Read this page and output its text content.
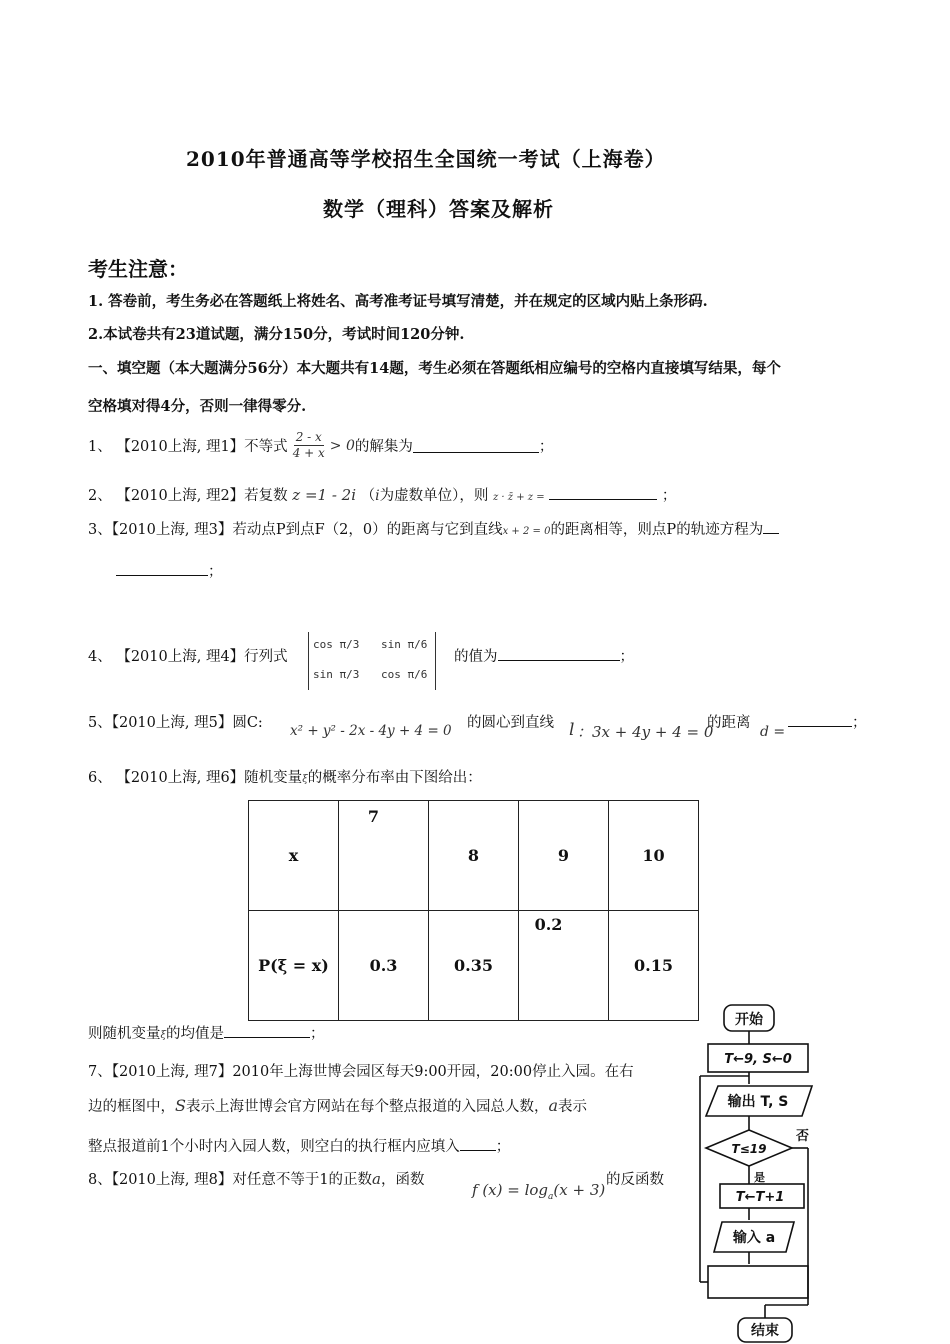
2010年普通高等学校招生全国统一考试（上海卷）
数学（理科）答案及解析
考生注意：
1. 答卷前，考生务必在答题纸上将姓名、高考准考证号填写清楚，并在规定的区域内贴上条形码.
2.本试卷共有23道试题，满分150分，考试时间120分钟.
一、填空题（本大题满分56分）本大题共有14题，考生必须在答题纸相应编号的空格内直接填写结果，每个
空格填对得4分，否则一律得零分.
1、 【2010上海, 理1】不等式 $\frac{2 - x}{4 + x} > 0$ 的解集为	；
2、 【2010上海, 理2】若复数 z =1 - 2i （i为虚数单位），则 z · z̄ + z =	；
3、【2010上海, 理3】若动点P到点F（2，0）的距离与它到直线x + 2 = 0的距离相等，则点P的轨迹方程为
；
4、 【2010上海, 理4】行列式
cos π/3 sin π/6
sin π/3 cos π/6
的值为	；
5、【2010上海, 理5】圆C: x² + y² - 2x - 4y + 4 = 0 的圆心到直线 l ：3x + 4y + 4 = 0
的距离
d =
；
6、 【2010上海, 理6】随机变量ξ的概率分布率由下图给出：
x	7	8	9	10
P(ξ = x)	0.3	0.35	0.2	0.15
则随机变量ξ的均值是	；
7、【2010上海, 理7】2010年上海世博会园区每天9:00开园，20:00停止入园。在右
边的框图中，S表示上海世博会官方网站在每个整点报道的入园总人数，a表示
整点报道前1个小时内入园人数，则空白的执行框内应填入 ；
8、【2010上海, 理8】对任意不等于1的正数a，函数
f $(x) = \log_a(x + 3)$
的反函数
开始
T←9, S←0
输出 T, S
T≤19
否
是
T←T+1
输入 a
结束
